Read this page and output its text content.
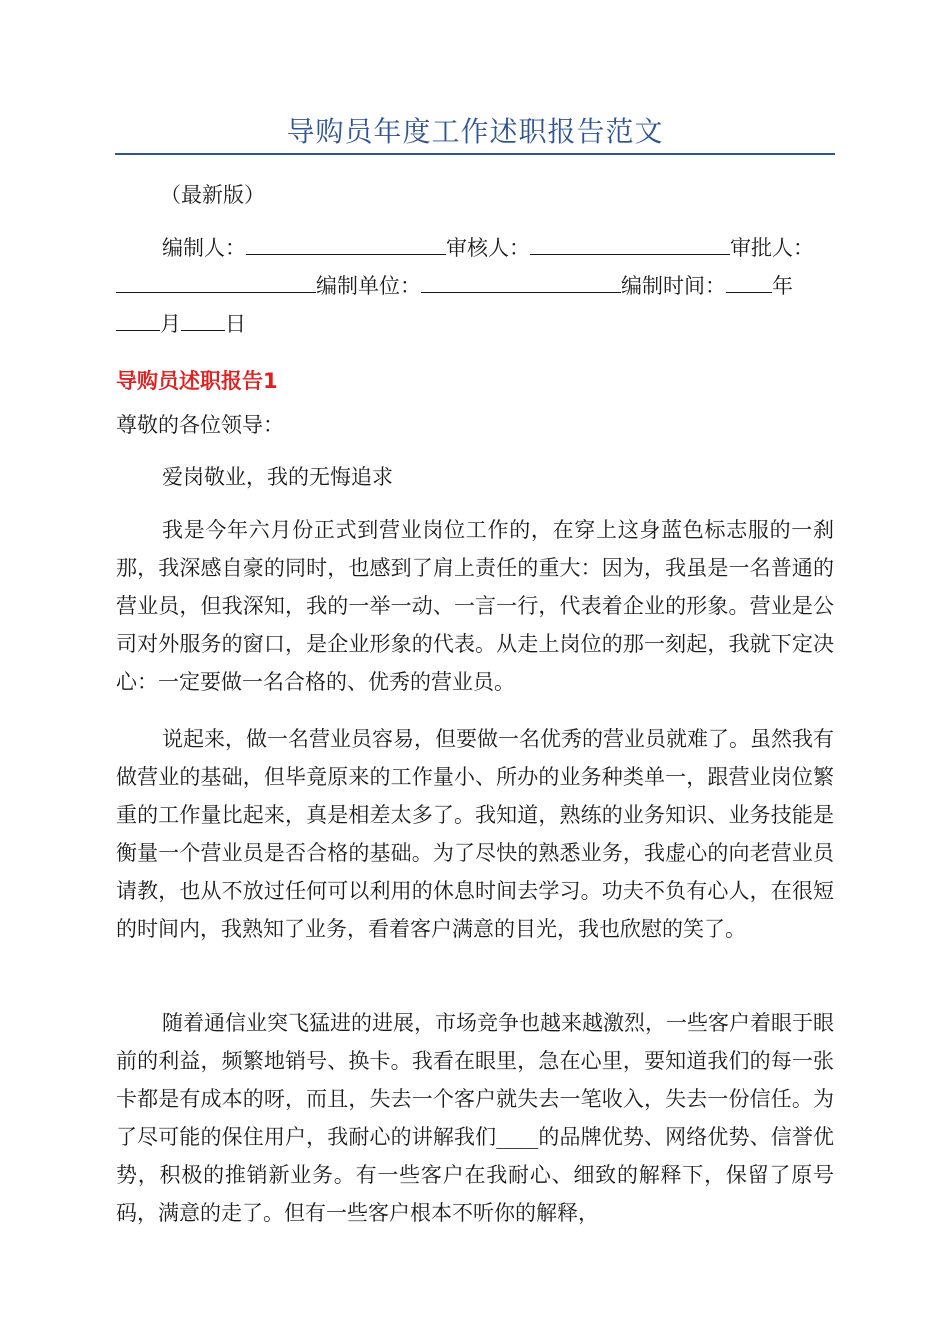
导购员年度工作述职报告范文
（最新版）
编制人：	审核人：	审批人：
编制单位：	编制时间： 年
月 日
导购员述职报告1

尊敬的各位领导：

爱岗敬业，我的无悔追求

我是今年六月份正式到营业岗位工作的，在穿上这身蓝色标志服的一刹那，我深感自豪的同时，也感到了肩上责任的重大：因为，我虽是一名普通的营业员，但我深知，我的一举一动、一言一行，代表着企业的形象。营业是公司对外服务的窗口，是企业形象的代表。从走上岗位的那一刻起，我就下定决心：一定要做一名合格的、优秀的营业员。

说起来，做一名营业员容易，但要做一名优秀的营业员就难了。虽然我有做营业的基础，但毕竟原来的工作量小、所办的业务种类单一，跟营业岗位繁重的工作量比起来，真是相差太多了。我知道，熟练的业务知识、业务技能是衡量一个营业员是否合格的基础。为了尽快的熟悉业务，我虚心的向老营业员请教，也从不放过任何可以利用的休息时间去学习。功夫不负有心人，在很短的时间内，我熟知了业务，看着客户满意的目光，我也欣慰的笑了。

随着通信业突飞猛进的进展，市场竞争也越来越激烈，一些客户着眼于眼前的利益，频繁地销号、换卡。我看在眼里，急在心里，要知道我们的每一张卡都是有成本的呀，而且，失去一个客户就失去一笔收入，失去一份信任。为了尽可能的保住用户，我耐心的讲解我们____的品牌优势、网络优势、信誉优势，积极的推销新业务。有一些客户在我耐心、细致的解释下，保留了原号码，满意的走了。但有一些客户根本不听你的解释，
